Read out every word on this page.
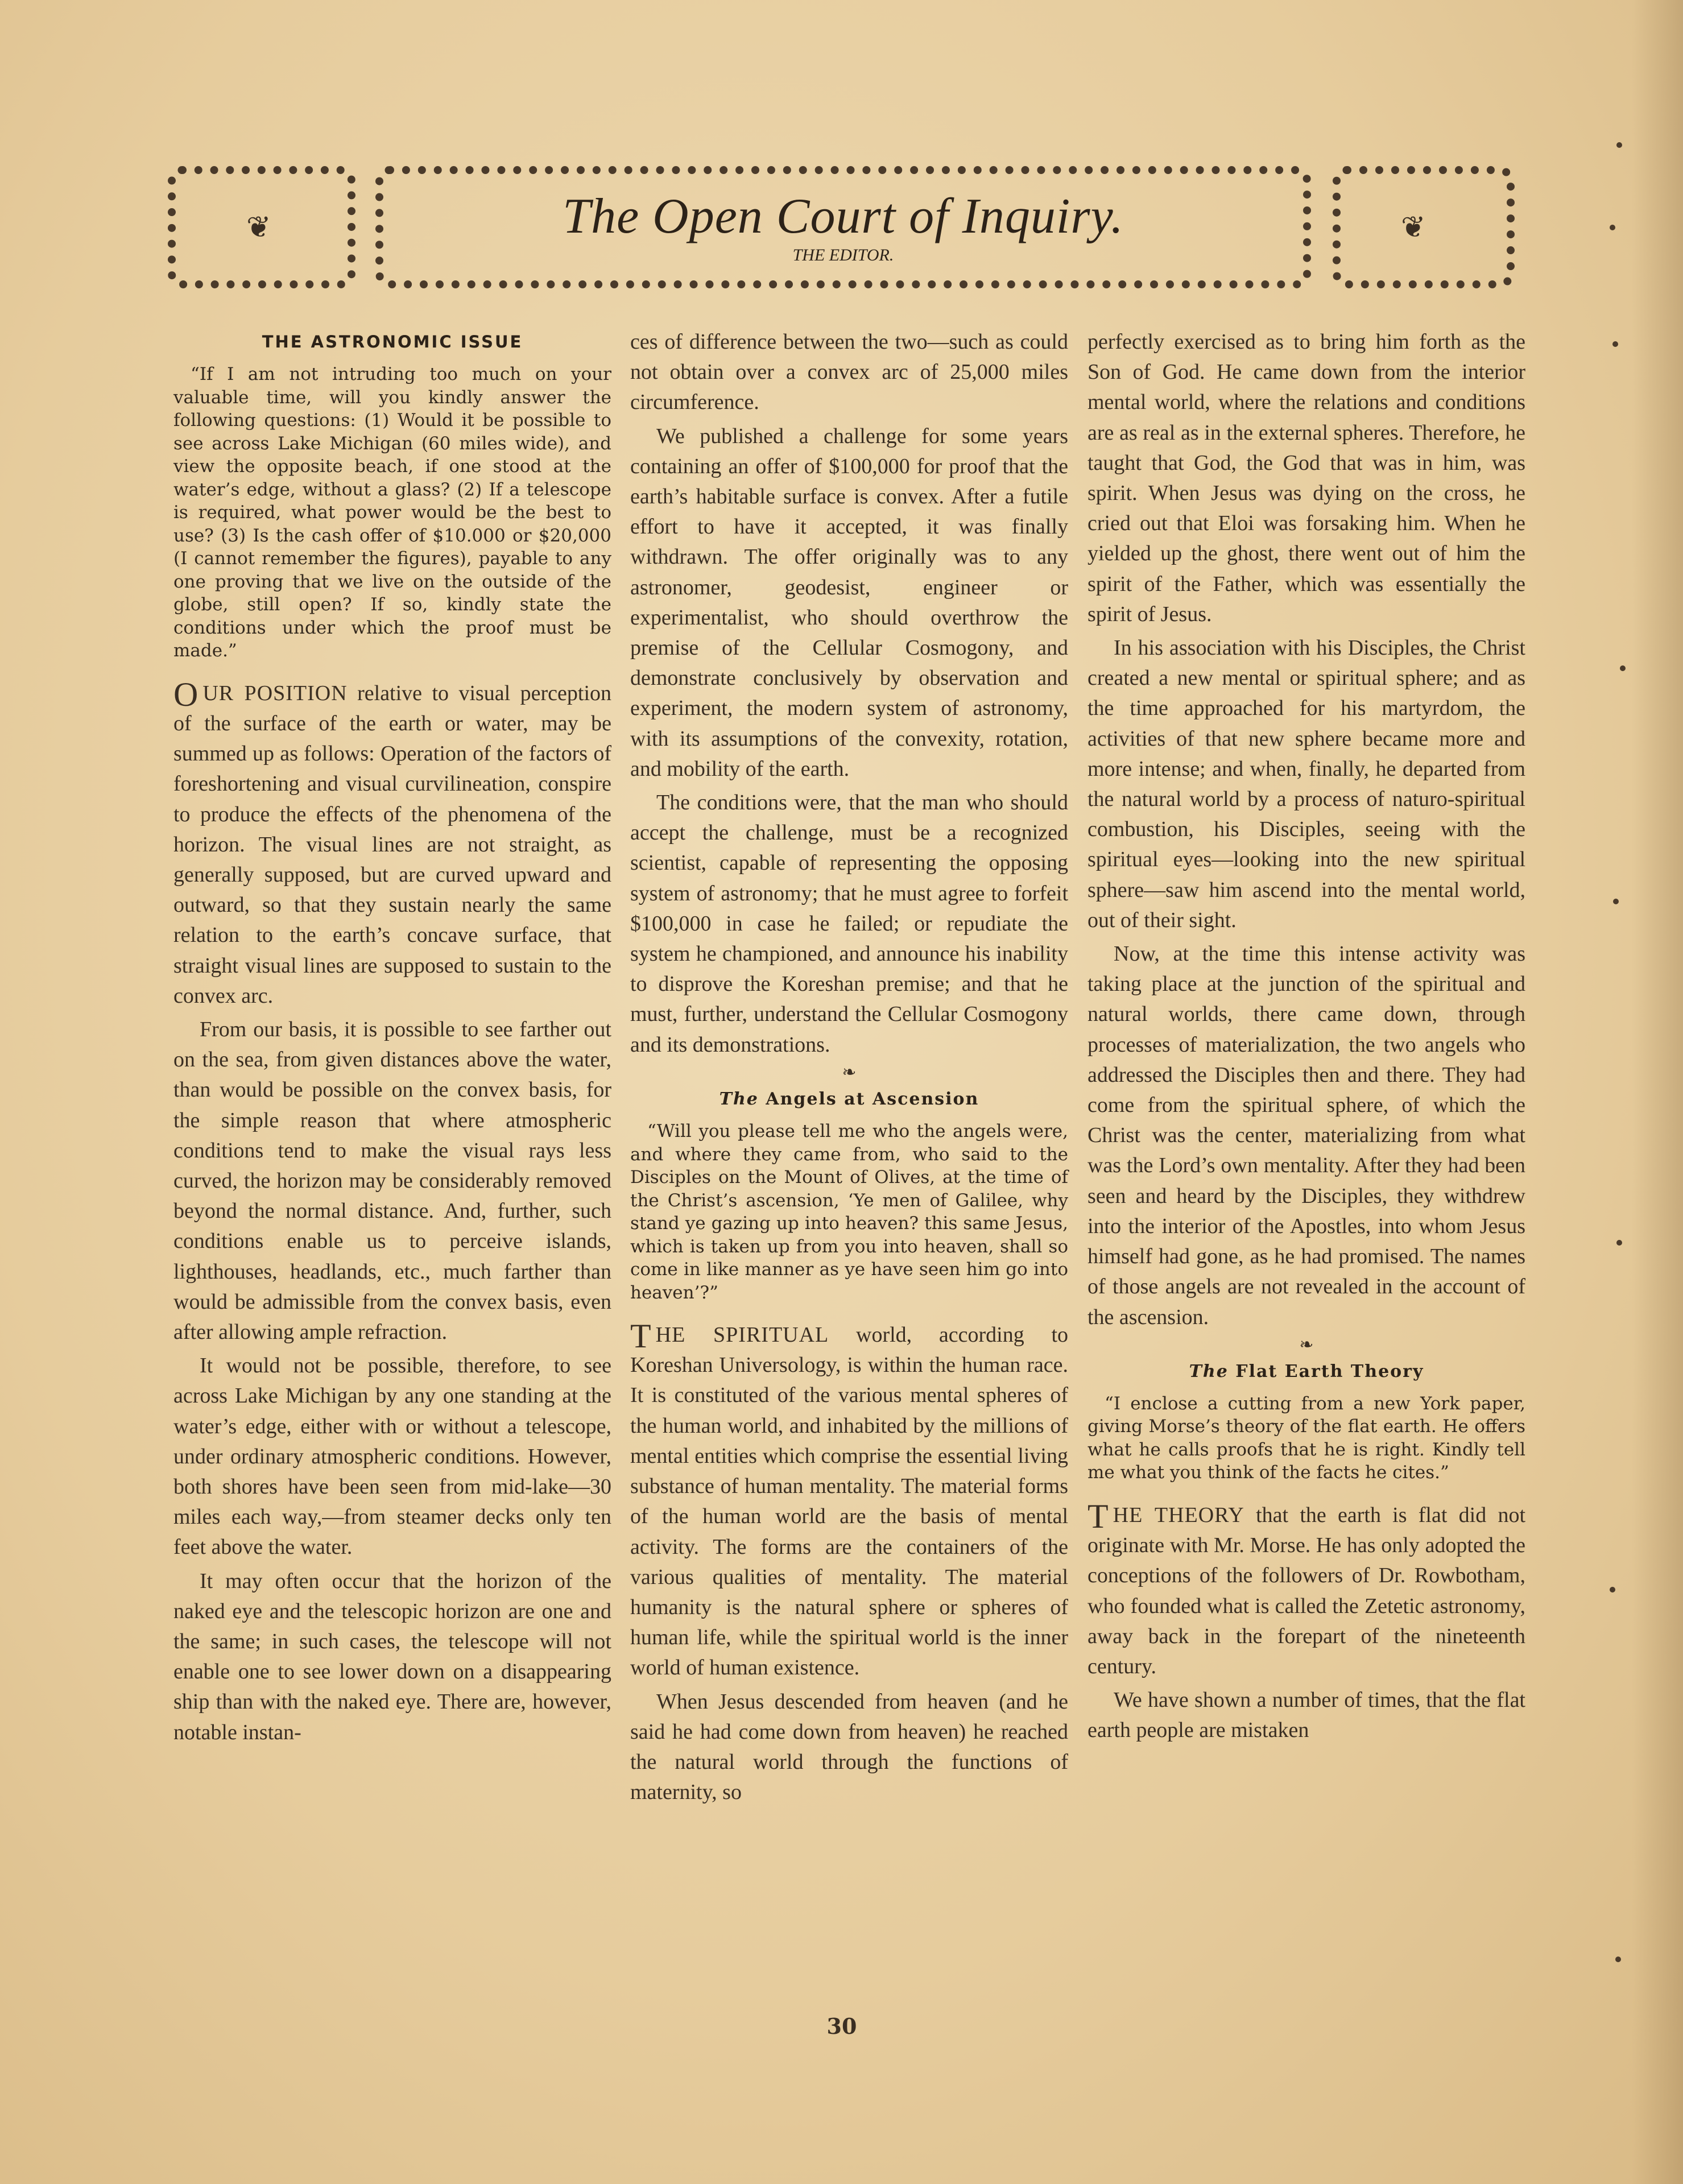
❦	❦
The Open Court of Inquiry.
THE EDITOR.
THE ASTRONOMIC ISSUE
“If I am not intruding too much on your valuable time, will you kindly answer the following questions: (1) Would it be possible to see across Lake Michigan (60 miles wide), and view the opposite beach, if one stood at the water’s edge, without a glass? (2) If a telescope is required, what power would be the best to use? (3) Is the cash offer of $10.000 or $20,000 (I cannot remember the figures), payable to any one proving that we live on the outside of the globe, still open? If so, kindly state the conditions under which the proof must be made.”

OUR POSITION relative to visual perception of the surface of the earth or water, may be summed up as follows: Operation of the factors of foreshortening and visual curvilineation, conspire to produce the effects of the phenomena of the horizon. The visual lines are not straight, as generally supposed, but are curved upward and outward, so that they sustain nearly the same relation to the earth’s concave surface, that straight visual lines are supposed to sustain to the convex arc.

From our basis, it is possible to see farther out on the sea, from given distances above the water, than would be possible on the convex basis, for the simple reason that where atmospheric conditions tend to make the visual rays less curved, the horizon may be considerably removed beyond the normal distance. And, further, such conditions enable us to perceive islands, lighthouses, headlands, etc., much farther than would be admissible from the convex basis, even after allowing ample refraction.

It would not be possible, therefore, to see across Lake Michigan by any one standing at the water’s edge, either with or without a telescope, under ordinary atmospheric conditions. However, both shores have been seen from mid-lake—30 miles each way,—from steamer decks only ten feet above the water.

It may often occur that the horizon of the naked eye and the telescopic horizon are one and the same; in such cases, the telescope will not enable one to see lower down on a disappearing ship than with the naked eye. There are, however, notable instan-

ces of difference between the two—such as could not obtain over a convex arc of 25,000 miles circumference.

We published a challenge for some years containing an offer of $100,000 for proof that the earth’s habitable surface is convex. After a futile effort to have it accepted, it was finally withdrawn. The offer originally was to any astronomer, geodesist, engineer or experimentalist, who should overthrow the premise of the Cellular Cosmogony, and demonstrate conclusively by observation and experiment, the modern system of astronomy, with its assumptions of the convexity, rotation, and mobility of the earth.

The conditions were, that the man who should accept the challenge, must be a recognized scientist, capable of representing the opposing system of astronomy; that he must agree to forfeit $100,000 in case he failed; or repudiate the system he championed, and announce his inability to disprove the Koreshan premise; and that he must, further, understand the Cellular Cosmogony and its demonstrations.

❧
The Angels at Ascension
“Will you please tell me who the angels were, and where they came from, who said to the Disciples on the Mount of Olives, at the time of the Christ’s ascension, ‘Ye men of Galilee, why stand ye gazing up into heaven? this same Jesus, which is taken up from you into heaven, shall so come in like manner as ye have seen him go into heaven’?”

THE SPIRITUAL world, according to Koreshan Universology, is within the human race. It is constituted of the various mental spheres of the human world, and inhabited by the millions of mental entities which comprise the essential living substance of human mentality. The material forms of the human world are the basis of mental activity. The forms are the containers of the various qualities of mentality. The material humanity is the natural sphere or spheres of human life, while the spiritual world is the inner world of human existence.

When Jesus descended from heaven (and he said he had come down from heaven) he reached the natural world through the functions of maternity, so

perfectly exercised as to bring him forth as the Son of God. He came down from the interior mental world, where the relations and conditions are as real as in the external spheres. Therefore, he taught that God, the God that was in him, was spirit. When Jesus was dying on the cross, he cried out that Eloi was forsaking him. When he yielded up the ghost, there went out of him the spirit of the Father, which was essentially the spirit of Jesus.

In his association with his Disciples, the Christ created a new mental or spiritual sphere; and as the time approached for his martyrdom, the activities of that new sphere became more and more intense; and when, finally, he departed from the natural world by a process of naturo-spiritual combustion, his Disciples, seeing with the spiritual eyes—looking into the new spiritual sphere—saw him ascend into the mental world, out of their sight.

Now, at the time this intense activity was taking place at the junction of the spiritual and natural worlds, there came down, through processes of materialization, the two angels who addressed the Disciples then and there. They had come from the spiritual sphere, of which the Christ was the center, materializing from what was the Lord’s own mentality. After they had been seen and heard by the Disciples, they withdrew into the interior of the Apostles, into whom Jesus himself had gone, as he had promised. The names of those angels are not revealed in the account of the ascension.

❧
The Flat Earth Theory
“I enclose a cutting from a new York paper, giving Morse’s theory of the flat earth. He offers what he calls proofs that he is right. Kindly tell me what you think of the facts he cites.”

THE THEORY that the earth is flat did not originate with Mr. Morse. He has only adopted the conceptions of the followers of Dr. Rowbotham, who founded what is called the Zetetic astronomy, away back in the forepart of the nineteenth century.

We have shown a number of times, that the flat earth people are mistaken

30
